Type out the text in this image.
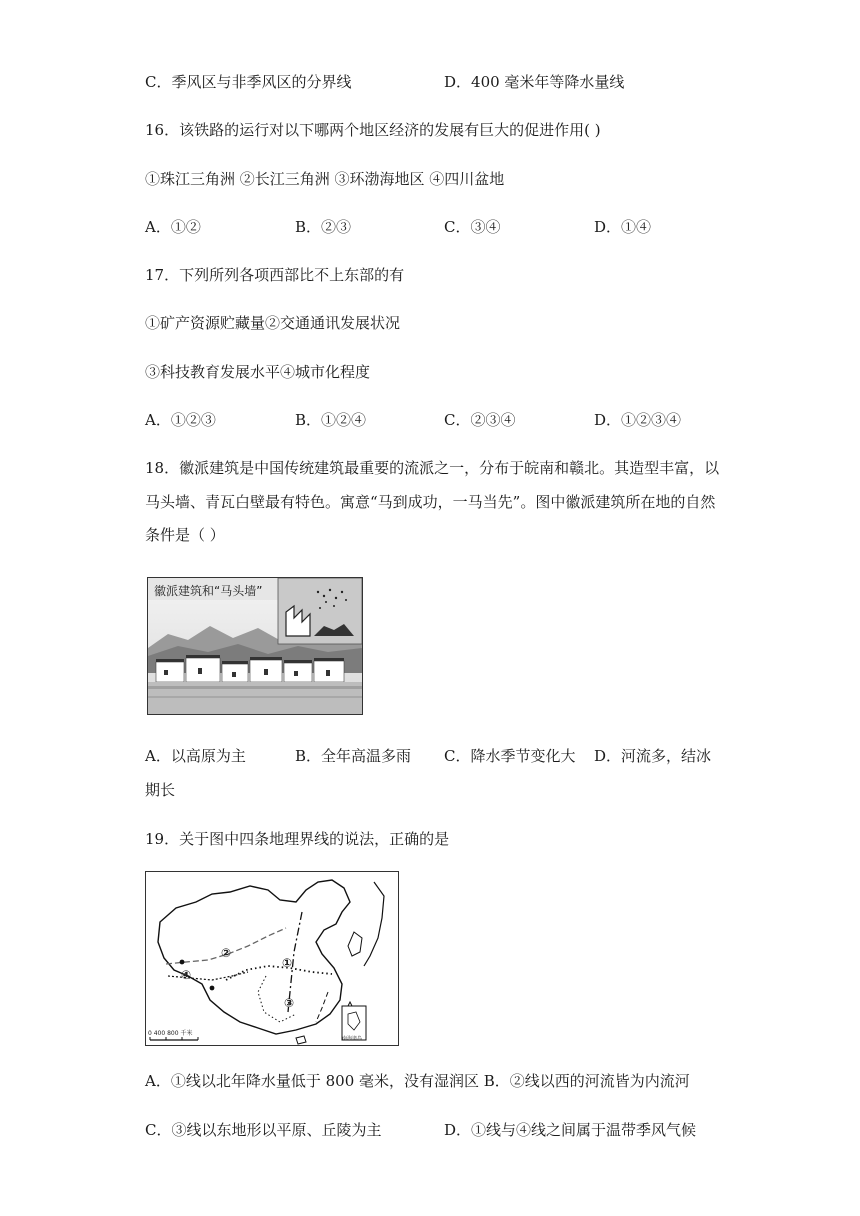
C．季风区与非季风区的分界线	D．400 毫米年等降水量线
16．该铁路的运行对以下哪两个地区经济的发展有巨大的促进作用( )
①珠江三角洲 ②长江三角洲 ③环渤海地区 ④四川盆地
A．①②	B．②③	C．③④	D．①④
17．下列所列各项西部比不上东部的有
①矿产资源贮藏量②交通通讯发展状况
③科技教育发展水平④城市化程度
A．①②③	B．①②④	C．②③④	D．①②③④
18．徽派建筑是中国传统建筑最重要的流派之一，分布于皖南和赣北。其造型丰富，以
马头墙、青瓦白壁最有特色。寓意“马到成功，一马当先”。图中徽派建筑所在地的自然
条件是（ ）
徽派建筑和“马头墙”
A．以高原为主	B．全年高温多雨 C．降水季节变化大 D．河流多，结冰
期长
19．关于图中四条地理界线的说法，正确的是
②
④
①
③
0 400 800 千米
南海诸岛
A．①线以北年降水量低于 800 毫米，没有湿润区 B．②线以西的河流皆为内流河
C．③线以东地形以平原、丘陵为主	D．①线与④线之间属于温带季风气候
